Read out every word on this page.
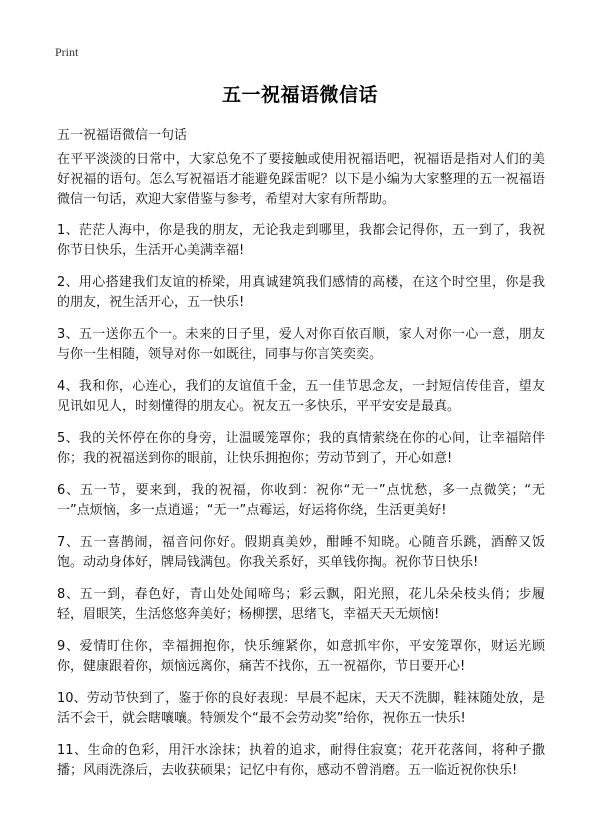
Print
五一祝福语微信话
五一祝福语微信一句话

在平平淡淡的日常中，大家总免不了要接触或使用祝福语吧，祝福语是指对人们的美好祝福的语句。怎么写祝福语才能避免踩雷呢？以下是小编为大家整理的五一祝福语微信一句话，欢迎大家借鉴与参考，希望对大家有所帮助。

1、茫茫人海中，你是我的朋友，无论我走到哪里，我都会记得你，五一到了，我祝你节日快乐，生活开心美满幸福!

2、用心搭建我们友谊的桥梁，用真诚建筑我们感情的高楼，在这个时空里，你是我的朋友，祝生活开心，五一快乐!

3、五一送你五个一。未来的日子里，爱人对你百依百顺，家人对你一心一意，朋友与你一生相随，领导对你一如既往，同事与你言笑奕奕。

4、我和你，心连心，我们的友谊值千金，五一佳节思念友，一封短信传佳音，望友见讯如见人，时刻懂得的朋友心。祝友五一多快乐，平平安安是最真。

5、我的关怀停在你的身旁，让温暖笼罩你；我的真情萦绕在你的心间，让幸福陪伴你；我的祝福送到你的眼前，让快乐拥抱你；劳动节到了，开心如意!

6、五一节，要来到，我的祝福，你收到：祝你“无一”点忧愁，多一点微笑；“无一”点烦恼，多一点逍遥；“无一”点霉运，好运将你绕，生活更美好!

7、五一喜鹊闹，福音问你好。假期真美妙，酣睡不知晓。心随音乐跳，酒醉又饭饱。动动身体好，牌局钱满包。你我关系好，买单钱你掏。祝你节日快乐!

8、五一到，春色好，青山处处闻啼鸟；彩云飘，阳光照，花儿朵朵枝头俏；步履轻，眉眼笑，生活悠悠奔美好；杨柳摆，思绪飞，幸福天天无烦恼!

9、爱情盯住你，幸福拥抱你，快乐缠紧你，如意抓牢你，平安笼罩你，财运光顾你，健康跟着你，烦恼远离你，痛苦不找你，五一祝福你，节日要开心!

10、劳动节快到了，鉴于你的良好表现：早晨不起床，天天不洗脚，鞋袜随处放，是活不会干，就会瞎嚷嚷。特颁发个“最不会劳动奖”给你，祝你五一快乐!

11、生命的色彩，用汗水涂抹；执着的追求，耐得住寂寞；花开花落间，将种子撒播；风雨洗涤后，去收获硕果；记忆中有你，感动不曾消磨。五一临近祝你快乐!
